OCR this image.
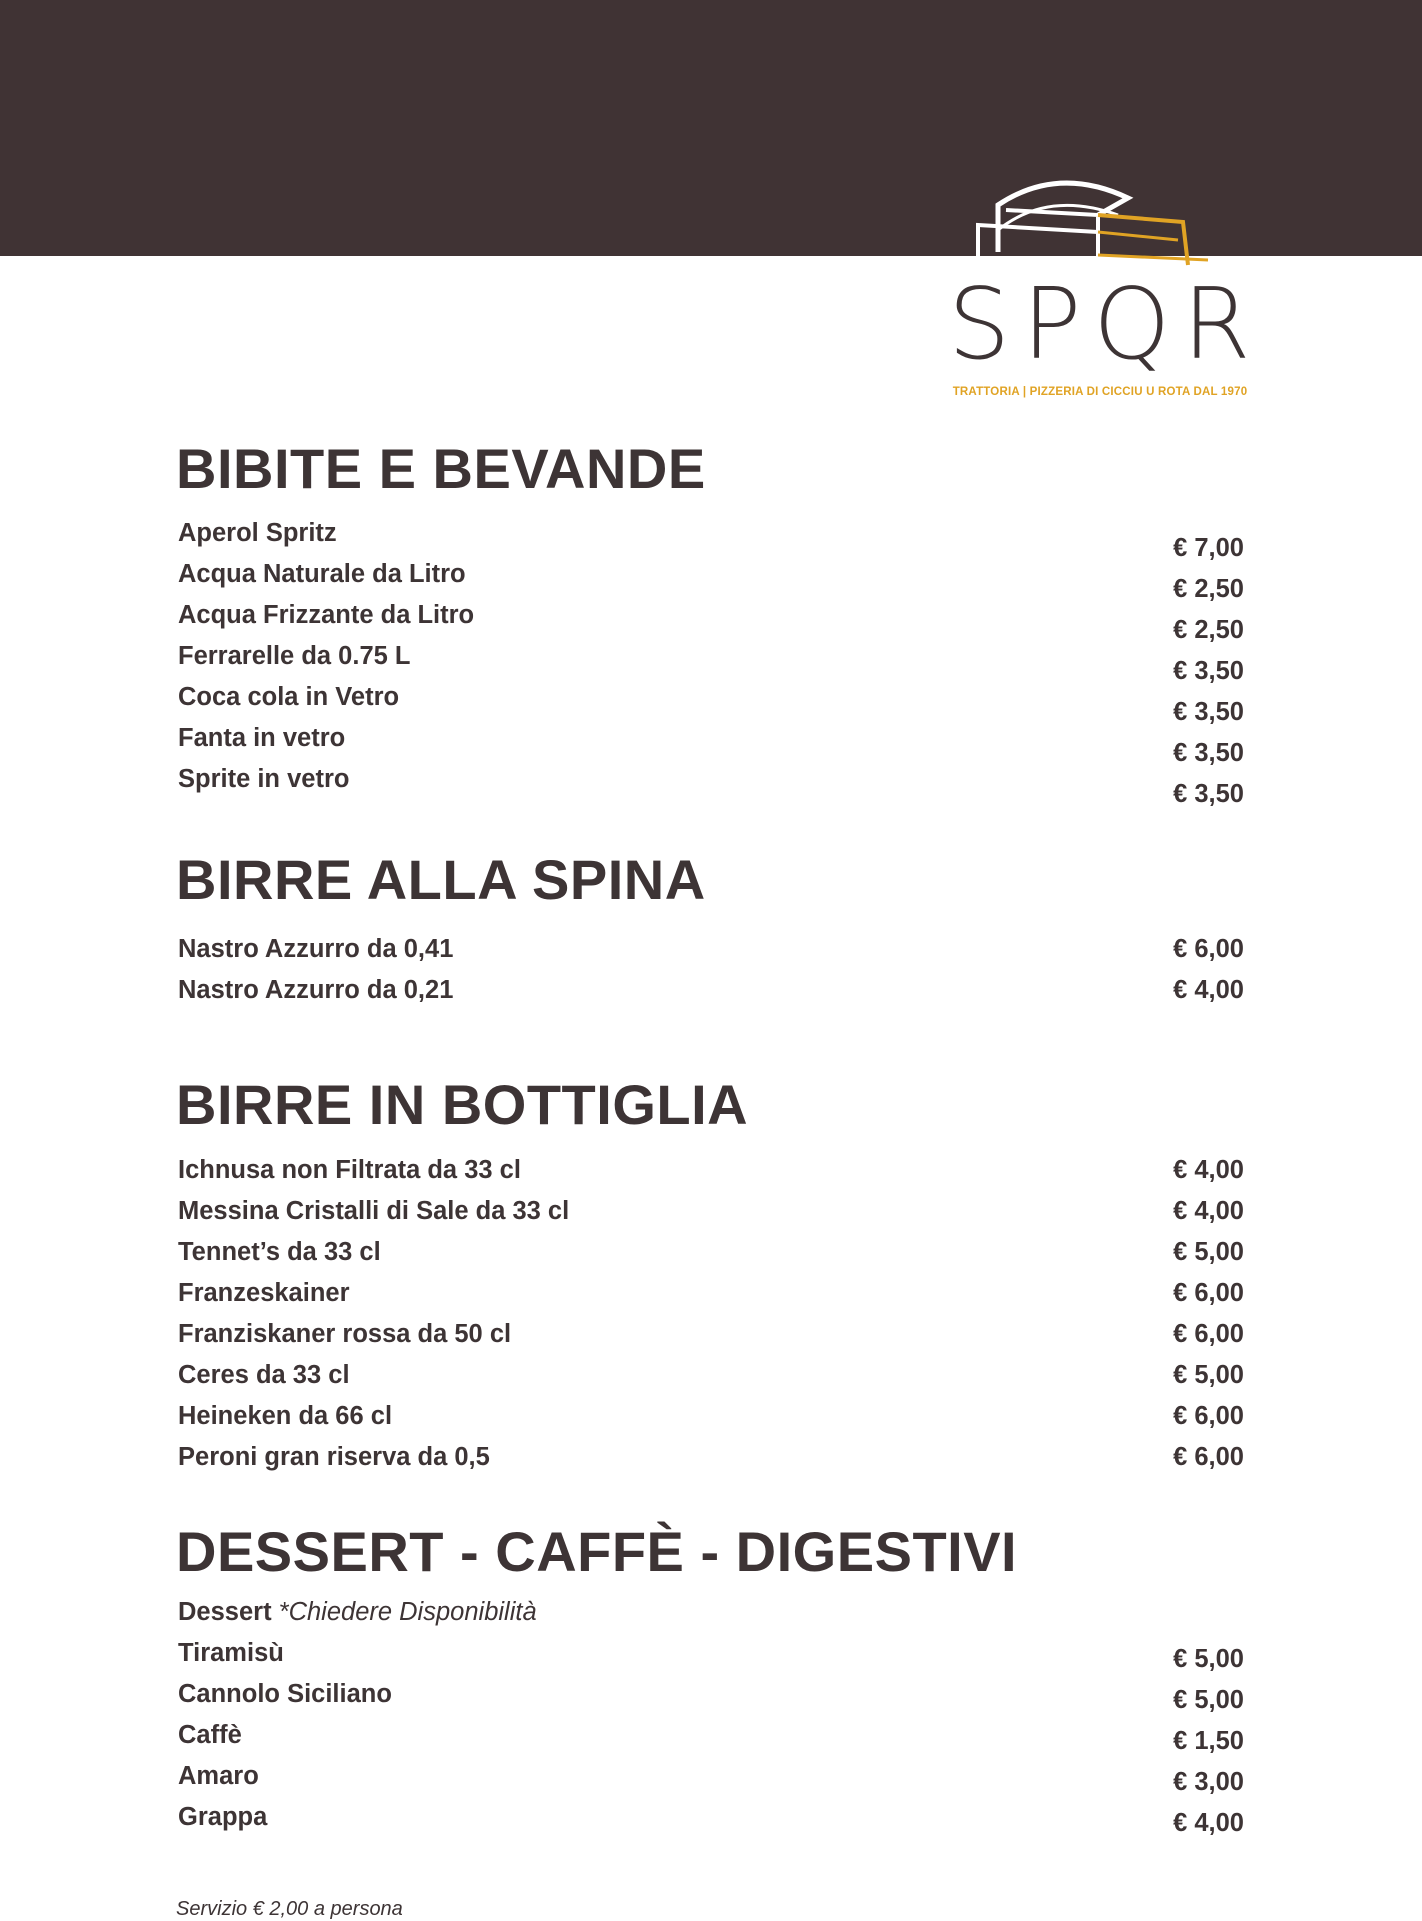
SPQR
TRATTORIA | PIZZERIA DI CICCIU U ROTA DAL 1970
BIBITE E BEVANDE
Aperol Spritz
Acqua Naturale da Litro
Acqua Frizzante da Litro
Ferrarelle da 0.75 L
Coca cola in Vetro
Fanta in vetro
Sprite in vetro
€ 7,00
€ 2,50
€ 2,50
€ 3,50
€ 3,50
€ 3,50
€ 3,50
BIRRE ALLA SPINA
Nastro Azzurro da 0,41
Nastro Azzurro da 0,21
€ 6,00
€ 4,00
BIRRE IN BOTTIGLIA
Ichnusa non Filtrata da 33 cl
Messina Cristalli di Sale da 33 cl
Tennet’s da 33 cl
Franzeskainer
Franziskaner rossa da 50 cl
Ceres da 33 cl
Heineken da 66 cl
Peroni gran riserva da 0,5
€ 4,00
€ 4,00
€ 5,00
€ 6,00
€ 6,00
€ 5,00
€ 6,00
€ 6,00
DESSERT - CAFFÈ - DIGESTIVI
Dessert *Chiedere Disponibilità
Tiramisù
Cannolo Siciliano
Caffè
Amaro
Grappa
€ 5,00
€ 5,00
€ 1,50
€ 3,00
€ 4,00
Servizio € 2,00 a persona
